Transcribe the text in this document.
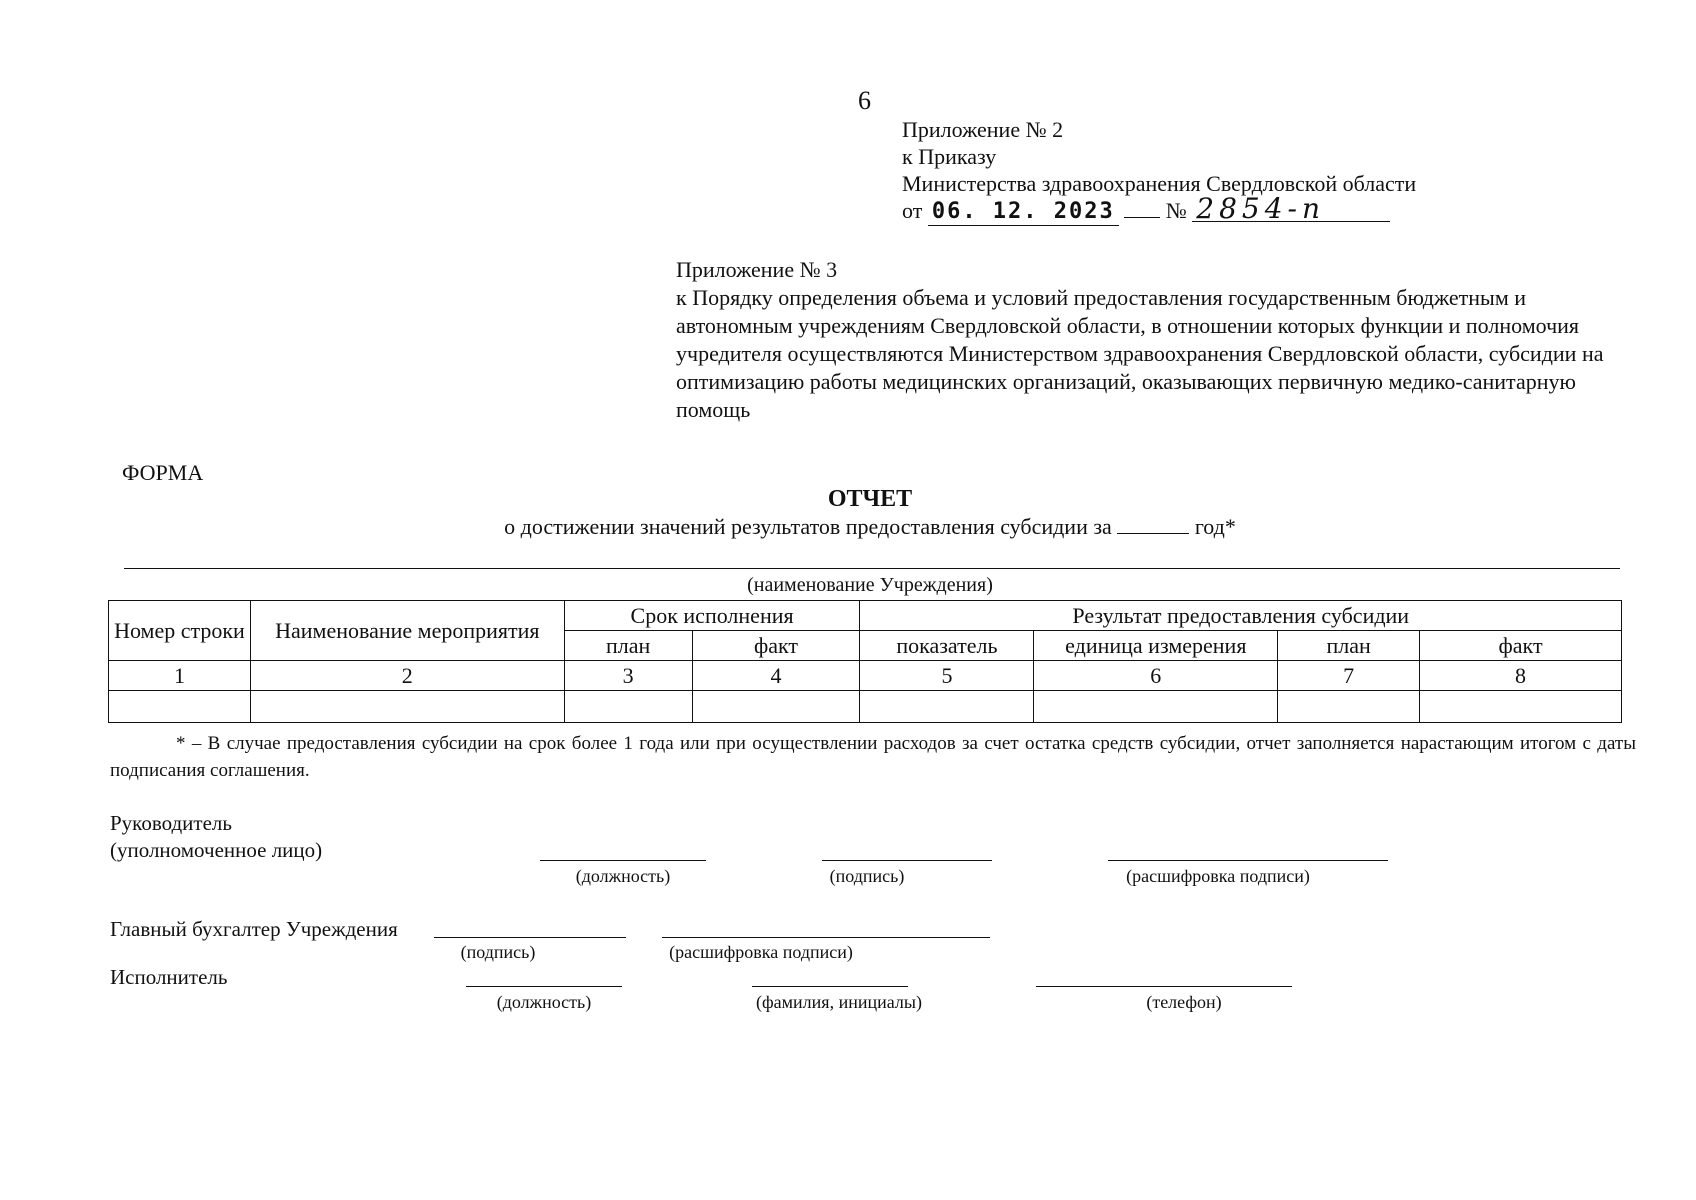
6
Приложение № 2
к Приказу
Министерства здравоохранения Свердловской области
от 06. 12. 2023 № 2854-п
Приложение № 3
к Порядку определения объема и условий предоставления государственным бюджетным и автономным учреждениям Свердловской области, в отношении которых функции и полномочия учредителя осуществляются Министерством здравоохранения Свердловской области, субсидии на оптимизацию работы медицинских организаций, оказывающих первичную медико-санитарную помощь
ФОРМА
ОТЧЕТ
о достижении значений результатов предоставления субсидии за	год*
(наименование Учреждения)
Номер строки	Наименование мероприятия	Срок исполнения		Результат предоставления субсидии			
		план	факт	показатель	единица измерения	план	факт
1	2	3	4	5	6	7	8

* – В случае предоставления субсидии на срок более 1 года или при осуществлении расходов за счет остатка средств субсидии, отчет заполняется нарастающим итогом с даты подписания соглашения.
Руководитель
(уполномоченное лицо)
(должность)	(подпись)	(расшифровка подписи)
Главный бухгалтер Учреждения
(подпись)	(расшифровка подписи)
Исполнитель
(должность)	(фамилия, инициалы)	(телефон)
